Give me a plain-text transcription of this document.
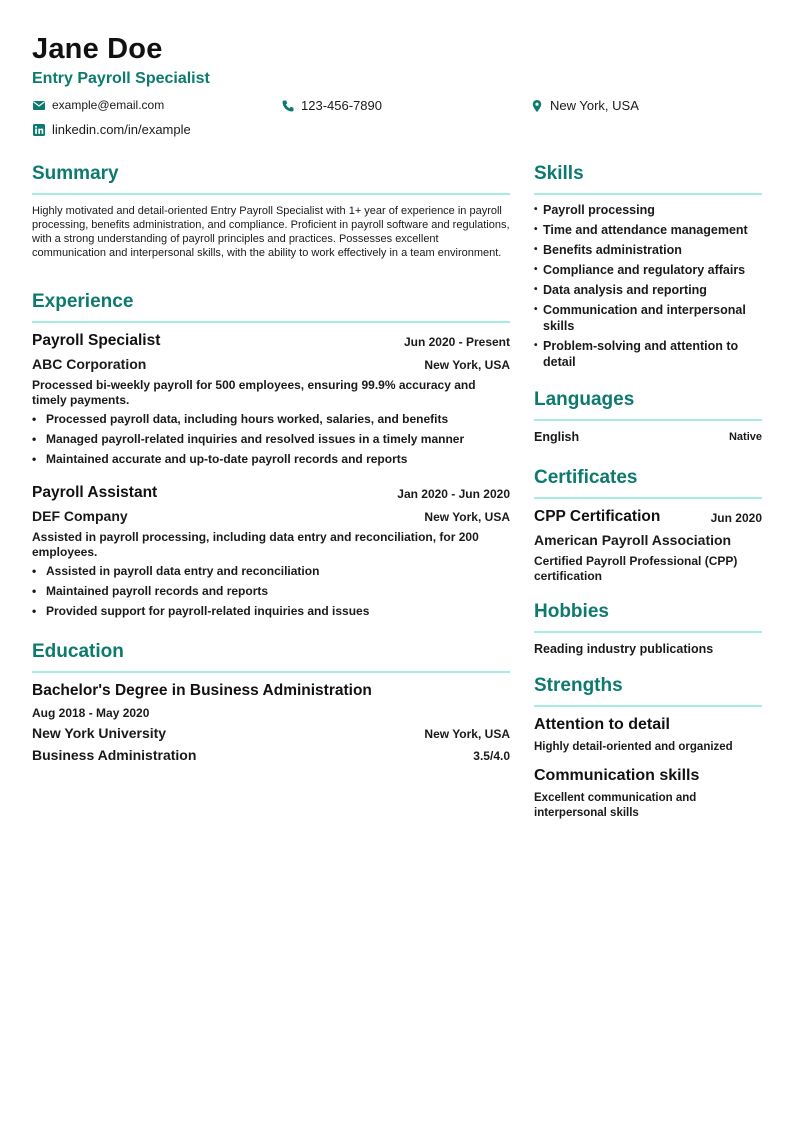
Jane Doe
Entry Payroll Specialist
example@email.com	123-456-7890	New York, USA
linkedin.com/in/example
Summary
Highly motivated and detail-oriented Entry Payroll Specialist with 1+ year of experience in payroll processing, benefits administration, and compliance. Proficient in payroll software and regulations, with a strong understanding of payroll principles and practices. Possesses excellent communication and interpersonal skills, with the ability to work effectively in a team environment.
Experience
Payroll Specialist	Jun 2020 - Present
ABC Corporation	New York, USA
Processed bi-weekly payroll for 500 employees, ensuring 99.9% accuracy and timely payments.
• Processed payroll data, including hours worked, salaries, and benefits
• Managed payroll-related inquiries and resolved issues in a timely manner
• Maintained accurate and up-to-date payroll records and reports
Payroll Assistant	Jan 2020 - Jun 2020
DEF Company	New York, USA
Assisted in payroll processing, including data entry and reconciliation, for 200 employees.
• Assisted in payroll data entry and reconciliation
• Maintained payroll records and reports
• Provided support for payroll-related inquiries and issues
Education
Bachelor's Degree in Business Administration
Aug 2018 - May 2020
New York University	New York, USA
Business Administration	3.5/4.0
Skills
• Payroll processing
• Time and attendance management
• Benefits administration
• Compliance and regulatory affairs
• Data analysis and reporting
• Communication and interpersonal skills
• Problem-solving and attention to detail
Languages
English	Native
Certificates
CPP Certification	Jun 2020
American Payroll Association
Certified Payroll Professional (CPP) certification
Hobbies
Reading industry publications
Strengths
Attention to detail
Highly detail-oriented and organized
Communication skills
Excellent communication and interpersonal skills
